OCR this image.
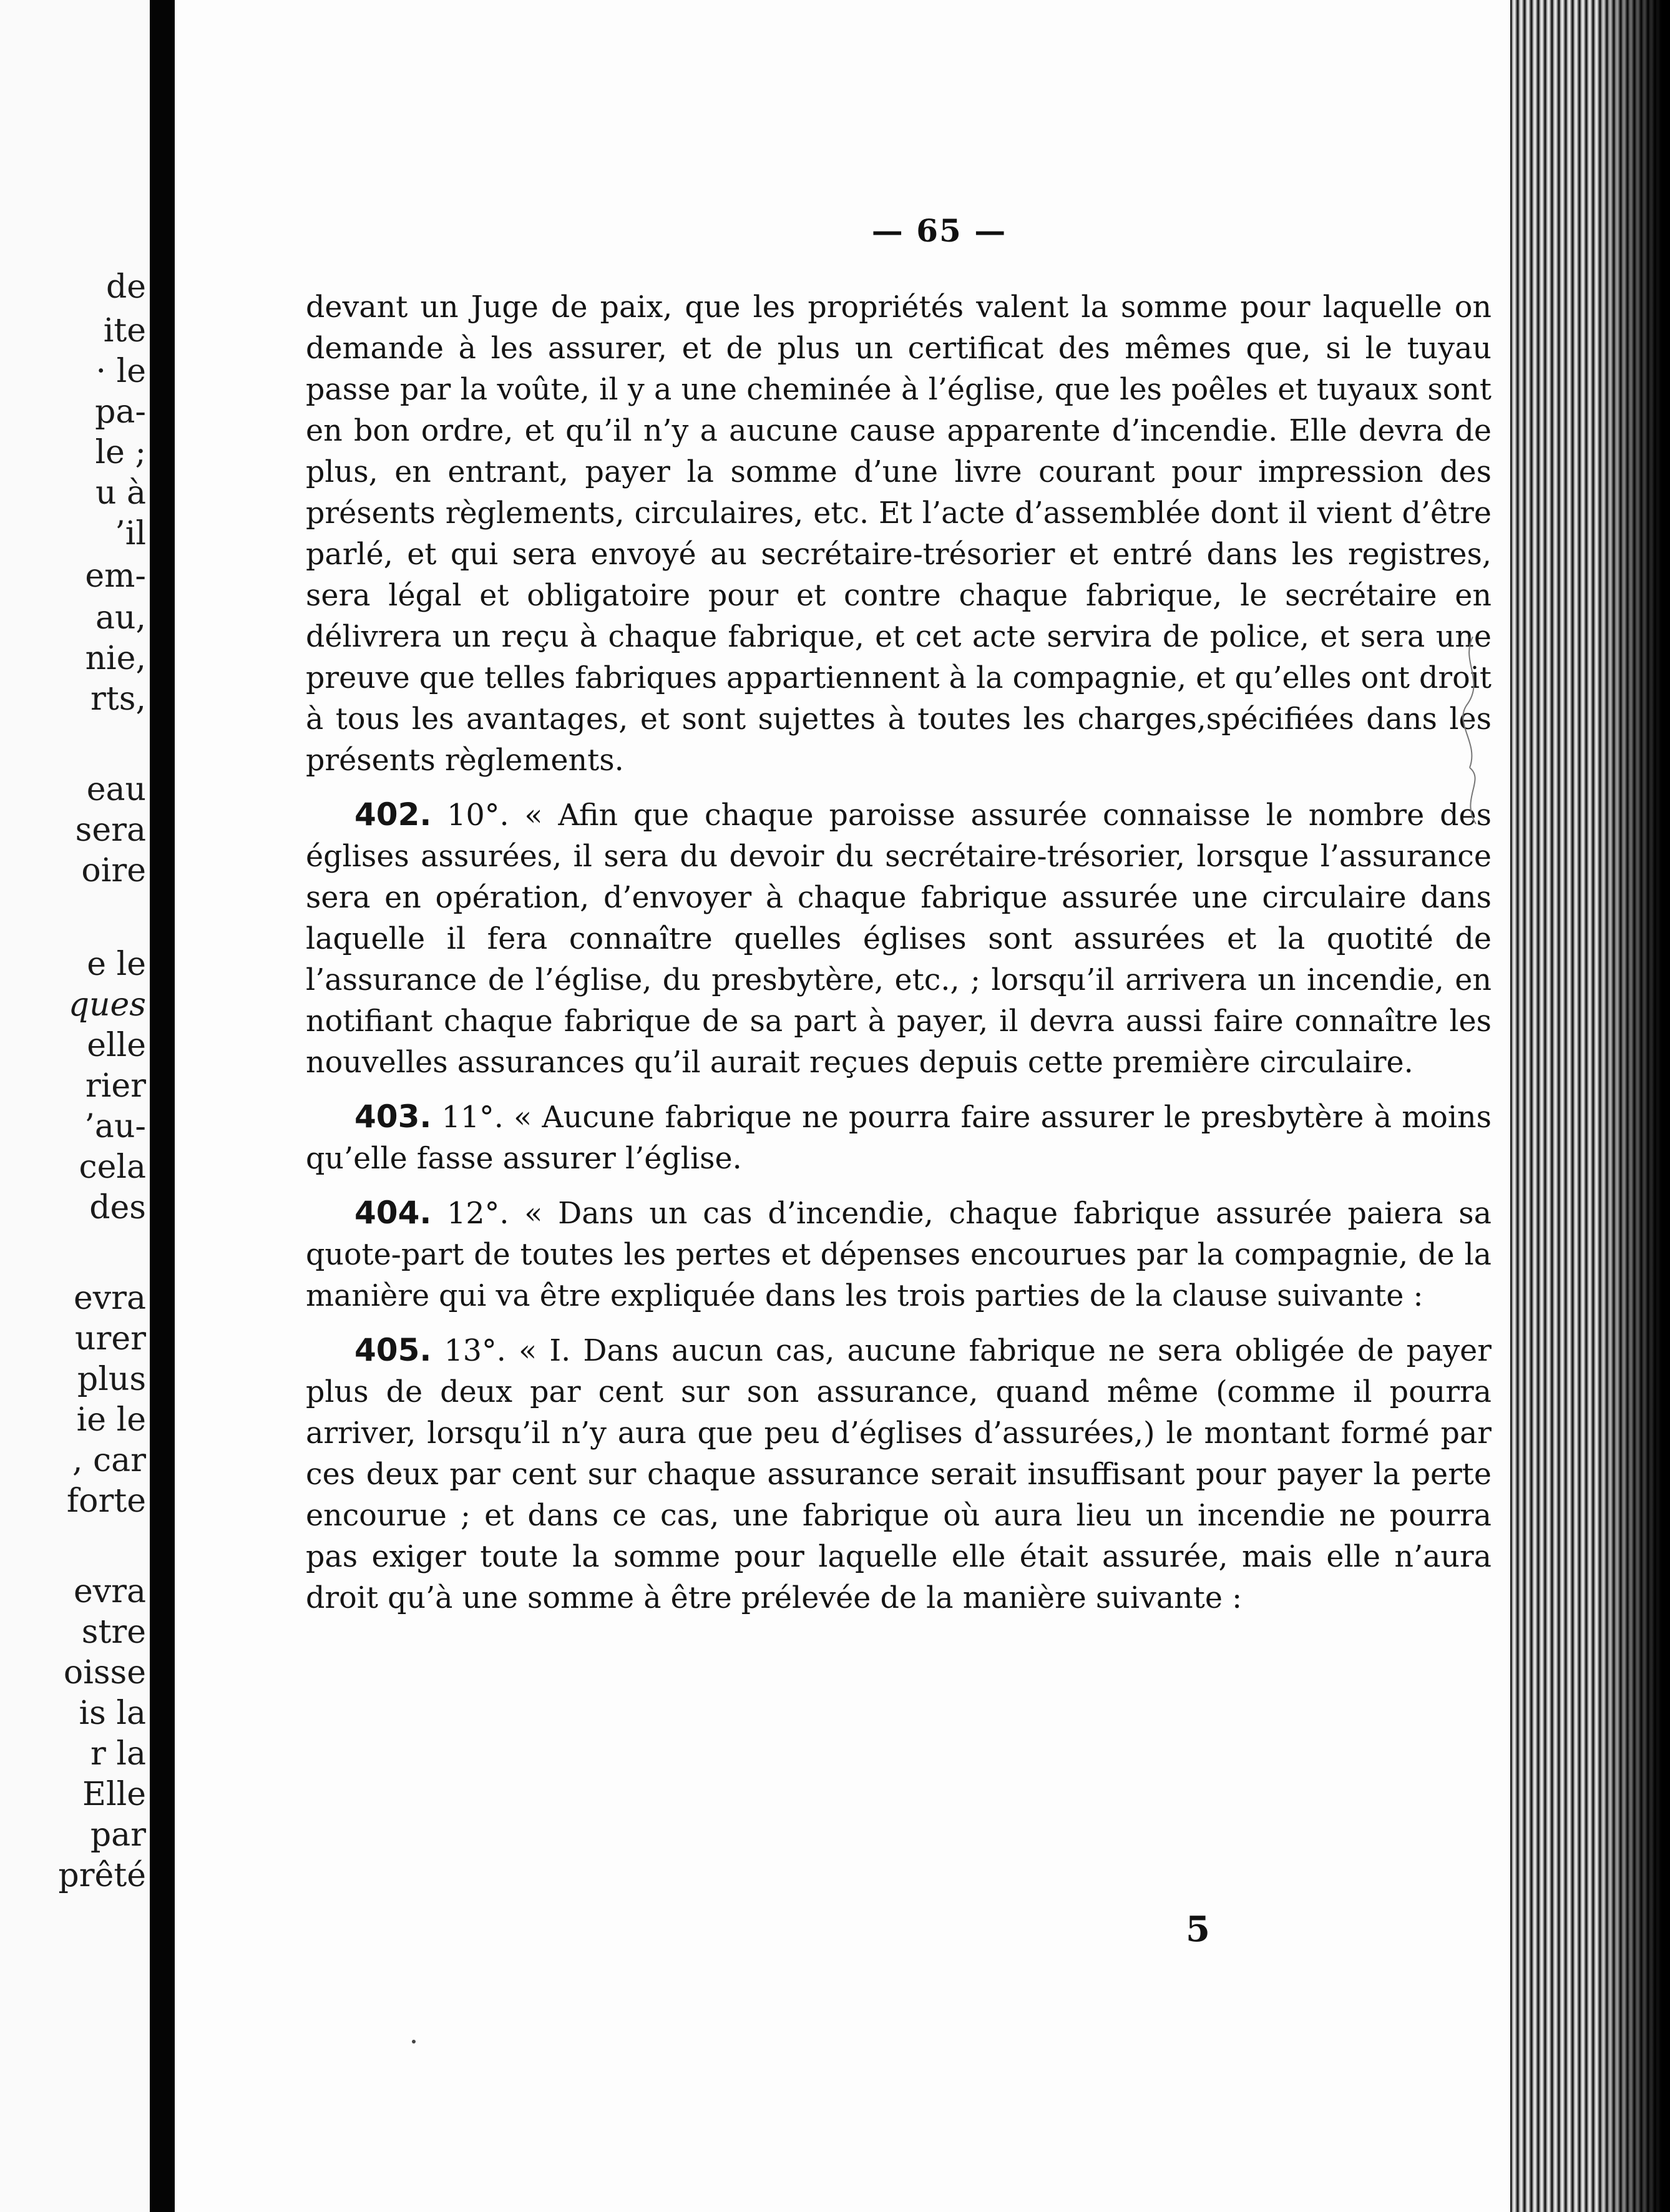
de
ite
· le
pa-
le ;
u à
’il
em-
au,
nie,
rts,
eau
sera
oire
e le
ques
elle
rier
’au-
cela
des
evra
urer
plus
ie le
, car
forte
evra
stre
oisse
is la
r la
Elle
par
prêté
— 65 —

devant un Juge de paix, que les propriétés valent la somme pour laquelle on demande à les assurer, et de plus un certificat des mêmes que, si le tuyau passe par la voûte, il y a une cheminée à l’église, que les poêles et tuyaux sont en bon ordre, et qu’il n’y a aucune cause apparente d’incendie. Elle devra de plus, en entrant, payer la somme d’une livre courant pour impression des présents règlements, circulaires, etc. Et l’acte d’assemblée dont il vient d’être parlé, et qui sera envoyé au secrétaire-trésorier et entré dans les registres, sera légal et obligatoire pour et contre chaque fabrique, le secrétaire en délivrera un reçu à chaque fabrique, et cet acte servira de police, et sera une preuve que telles fabriques appartiennent à la compagnie, et qu’elles ont droit à tous les avantages, et sont sujettes à toutes les charges,spécifiées dans les présents règlements.

402. 10°. « Afin que chaque paroisse assurée connaisse le nombre des églises assurées, il sera du devoir du secrétaire-trésorier, lorsque l’assurance sera en opération, d’envoyer à chaque fabrique assurée une circulaire dans laquelle il fera connaître quelles églises sont assurées et la quotité de l’assurance de l’église, du presbytère, etc., ; lorsqu’il arrivera un incendie, en notifiant chaque fabrique de sa part à payer, il devra aussi faire connaître les nouvelles assurances qu’il aurait reçues depuis cette première circulaire.

403. 11°. « Aucune fabrique ne pourra faire assurer le presbytère à moins qu’elle fasse assurer l’église.

404. 12°. « Dans un cas d’incendie, chaque fabrique assurée paiera sa quote-part de toutes les pertes et dépenses encourues par la compagnie, de la manière qui va être expliquée dans les trois parties de la clause suivante :

405. 13°. « I. Dans aucun cas, aucune fabrique ne sera obligée de payer plus de deux par cent sur son assurance, quand même (comme il pourra arriver, lorsqu’il n’y aura que peu d’églises d’assurées,) le montant formé par ces deux par cent sur chaque assurance serait insuffisant pour payer la perte encourue ; et dans ce cas, une fabrique où aura lieu un incendie ne pourra pas exiger toute la somme pour laquelle elle était assurée, mais elle n’aura droit qu’à une somme à être prélevée de la manière suivante :

5
